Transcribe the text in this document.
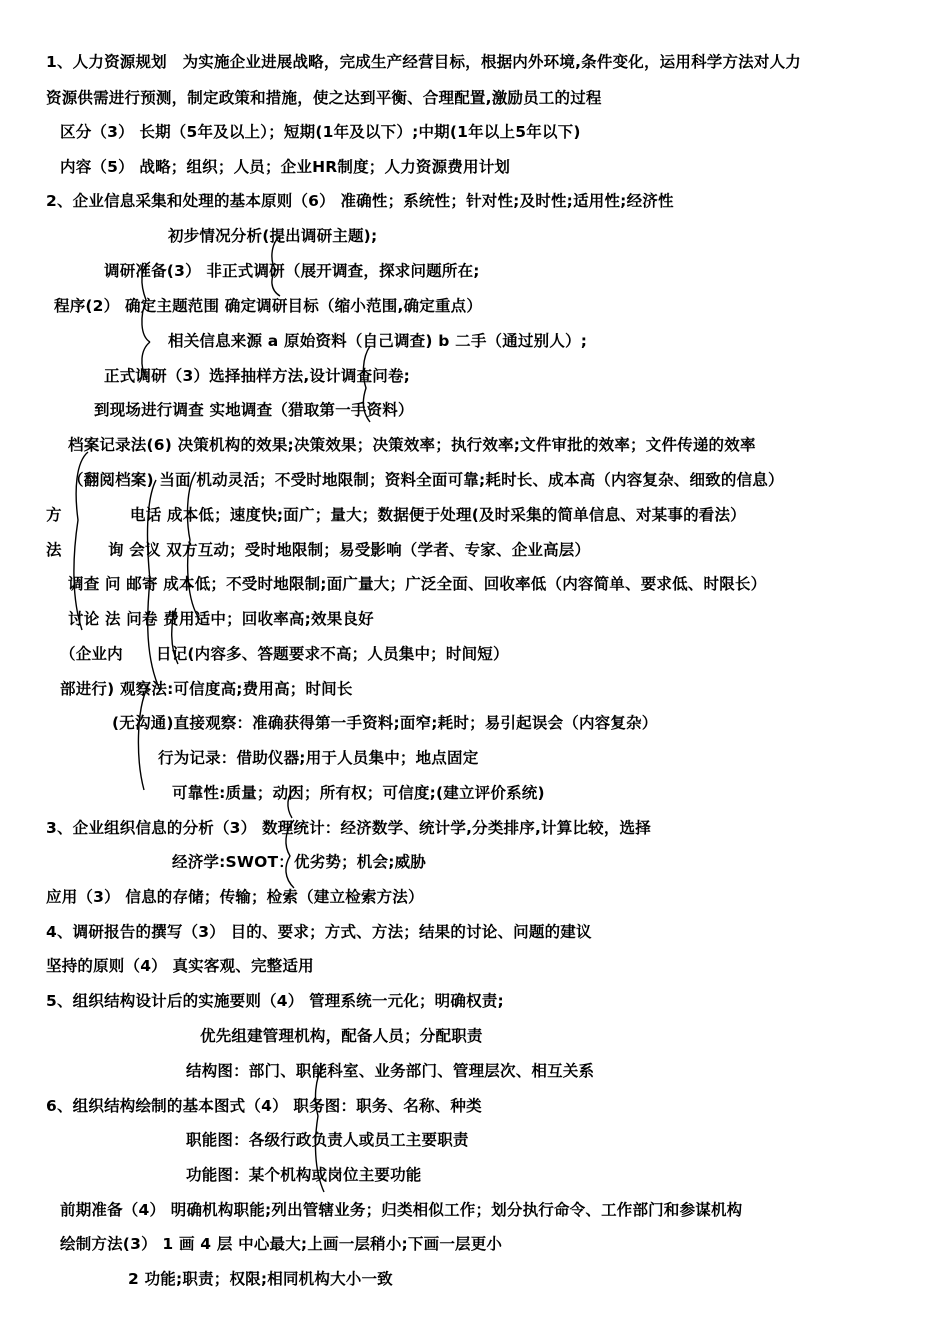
1、人力资源规划　为实施企业进展战略，完成生产经营目标，根据内外环境,条件变化，运用科学方法对人力
资源供需进行预测，制定政策和措施，使之达到平衡、合理配置,激励员工的过程
区分（3） 长期（5年及以上）；短期(1年及以下）;中期(1年以上5年以下)
内容（5） 战略；组织；人员；企业HR制度；人力资源费用计划
2、企业信息采集和处理的基本原则（6） 准确性；系统性；针对性;及时性;适用性;经济性
初步情况分析(提出调研主题);
调研准备(3） 非正式调研（展开调查，探求问题所在;
程序(2） 确定主题范围 确定调研目标（缩小范围,确定重点）
相关信息来源 a 原始资料（自己调查) b 二手（通过别人）;
正式调研（3）选择抽样方法,设计调查问卷;
到现场进行调查 实地调查（猎取第一手资料）
档案记录法(6) 决策机构的效果;决策效果；决策效率；执行效率;文件审批的效率；文件传递的效率
（翻阅档案) 当面 机动灵活；不受时地限制；资料全面可靠;耗时长、成本高（内容复杂、细致的信息）
方	电话 成本低；速度快;面广；量大；数据便于处理(及时采集的简单信息、对某事的看法）
法	询 会议 双方互动；受时地限制；易受影响（学者、专家、企业高层）
调查 问 邮寄 成本低；不受时地限制;面广量大；广泛全面、回收率低（内容简单、要求低、时限长）
讨论 法 问卷 费用适中；回收率高;效果良好
（企业内 日记(内容多、答题要求不高；人员集中；时间短）
部进行) 观察法:可信度高;费用高；时间长
(无沟通)直接观察：准确获得第一手资料;面窄;耗时；易引起误会（内容复杂）
行为记录：借助仪器;用于人员集中；地点固定
可靠性:质量；动因；所有权；可信度;(建立评价系统)
3、企业组织信息的分析（3） 数理统计：经济数学、统计学,分类排序,计算比较，选择
经济学:SWOT：优劣势；机会;威胁
应用（3） 信息的存储；传输；检索（建立检索方法）
4、调研报告的撰写（3） 目的、要求；方式、方法；结果的讨论、问题的建议
坚持的原则（4） 真实客观、完整适用
5、组织结构设计后的实施要则（4） 管理系统一元化；明确权责;
优先组建管理机构，配备人员；分配职责
结构图：部门、职能科室、业务部门、管理层次、相互关系
6、组织结构绘制的基本图式（4） 职务图：职务、名称、种类
职能图：各级行政负责人或员工主要职责
功能图：某个机构或岗位主要功能
前期准备（4） 明确机构职能;列出管辖业务；归类相似工作；划分执行命令、工作部门和参谋机构
绘制方法(3） 1 画 4 层 中心最大;上画一层稍小;下画一层更小
2 功能;职责；权限;相同机构大小一致
